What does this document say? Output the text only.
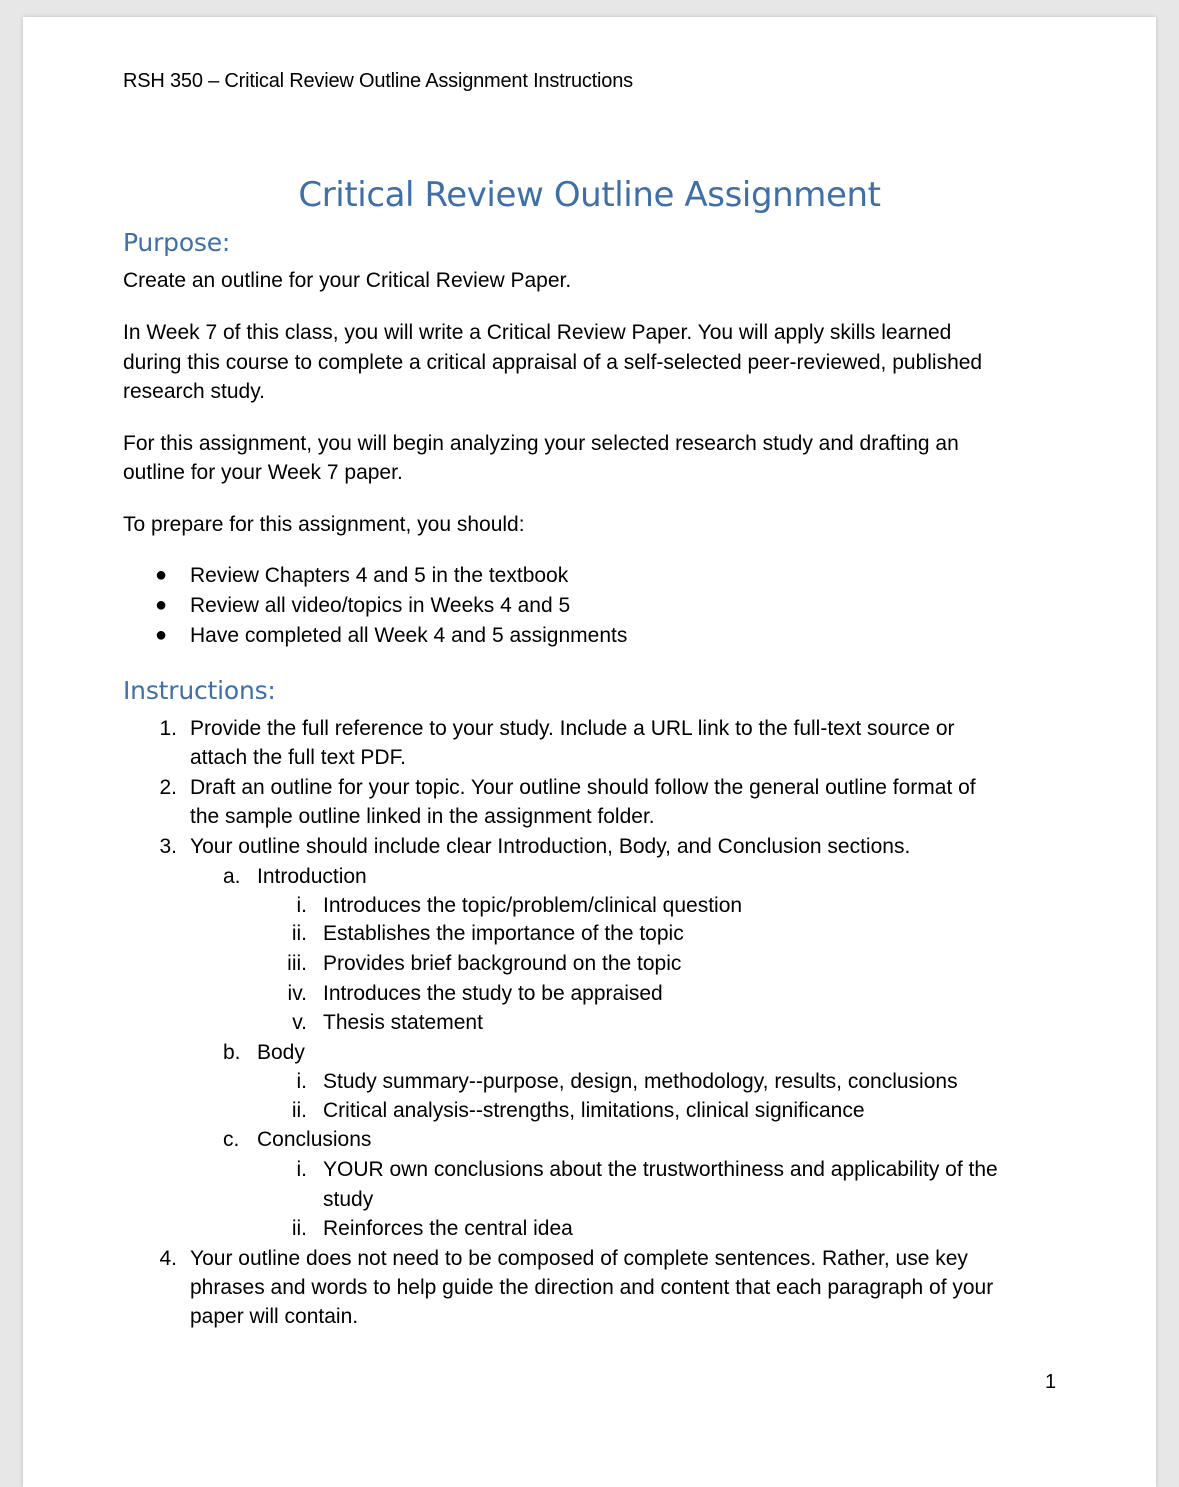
RSH 350 – Critical Review Outline Assignment Instructions
Critical Review Outline Assignment
Purpose:
Create an outline for your Critical Review Paper.
In Week 7 of this class, you will write a Critical Review Paper. You will apply skills learned
during this course to complete a critical appraisal of a self-selected peer-reviewed, published
research study.
For this assignment, you will begin analyzing your selected research study and drafting an
outline for your Week 7 paper.
To prepare for this assignment, you should:
● Review Chapters 4 and 5 in the textbook
● Review all video/topics in Weeks 4 and 5
● Have completed all Week 4 and 5 assignments
Instructions:
1. Provide the full reference to your study. Include a URL link to the full-text source or
attach the full text PDF.
2. Draft an outline for your topic. Your outline should follow the general outline format of
the sample outline linked in the assignment folder.
3. Your outline should include clear Introduction, Body, and Conclusion sections.
a. Introduction
i. Introduces the topic/problem/clinical question
ii. Establishes the importance of the topic
iii. Provides brief background on the topic
iv. Introduces the study to be appraised
v. Thesis statement
b. Body
i. Study summary--purpose, design, methodology, results, conclusions
ii. Critical analysis--strengths, limitations, clinical significance
c. Conclusions
i. YOUR own conclusions about the trustworthiness and applicability of the
study
ii. Reinforces the central idea
4. Your outline does not need to be composed of complete sentences. Rather, use key
phrases and words to help guide the direction and content that each paragraph of your
paper will contain.
1
